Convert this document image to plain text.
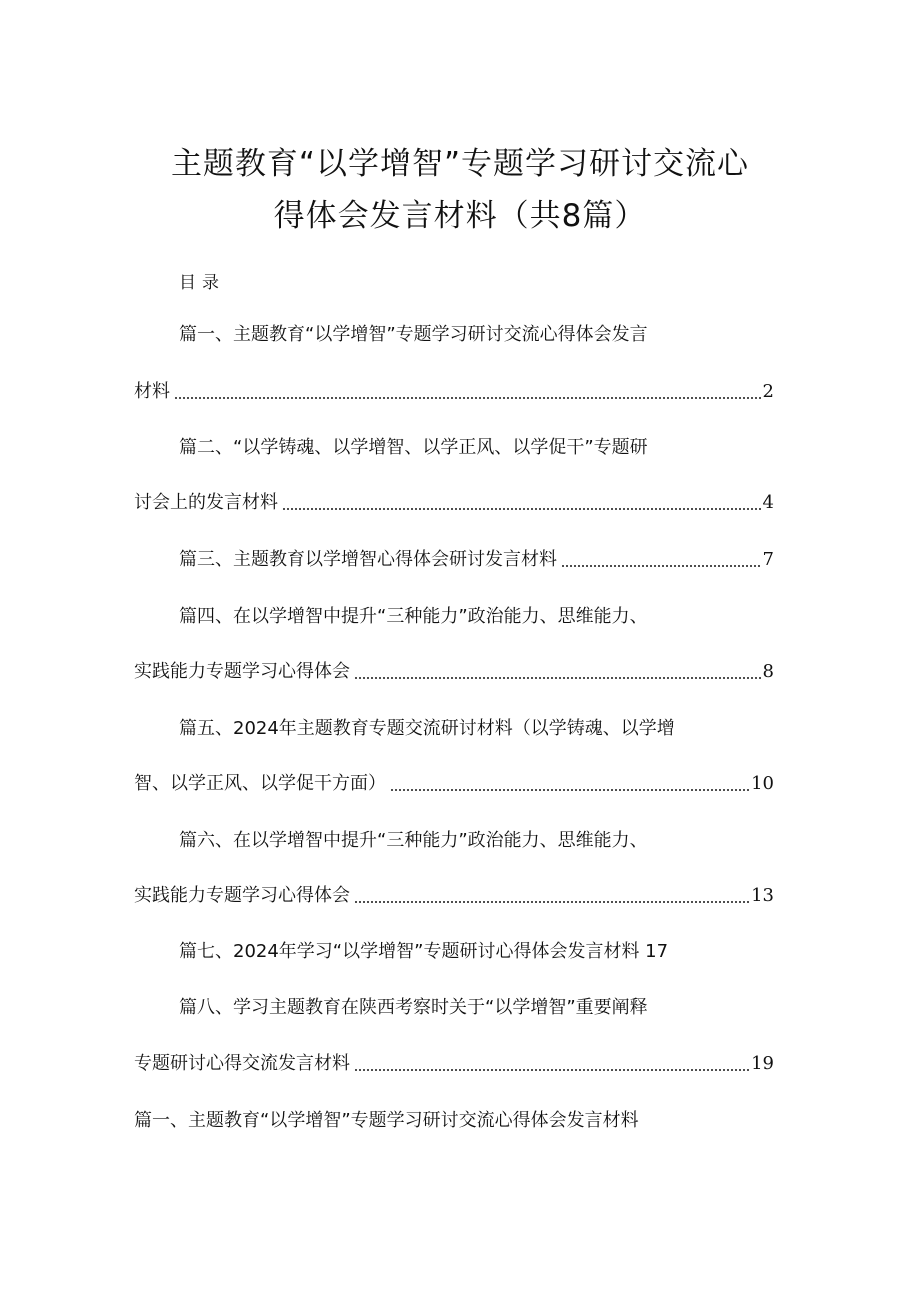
主题教育“以学增智”专题学习研讨交流心
得体会发言材料（共8篇）
目录
篇一、主题教育“以学增智”专题学习研讨交流心得体会发言
材料	2
篇二、“以学铸魂、以学增智、以学正风、以学促干”专题研
讨会上的发言材料	4
篇三、主题教育以学增智心得体会研讨发言材料	7
篇四、在以学增智中提升“三种能力”政治能力、思维能力、
实践能力专题学习心得体会	8
篇五、2024年主题教育专题交流研讨材料（以学铸魂、以学增
智、以学正风、以学促干方面）	10
篇六、在以学增智中提升“三种能力”政治能力、思维能力、
实践能力专题学习心得体会	13
篇七、2024年学习“以学增智”专题研讨心得体会发言材料 17
篇八、学习主题教育在陕西考察时关于“以学增智”重要阐释
专题研讨心得交流发言材料	19
篇一、主题教育“以学增智”专题学习研讨交流心得体会发言材料
